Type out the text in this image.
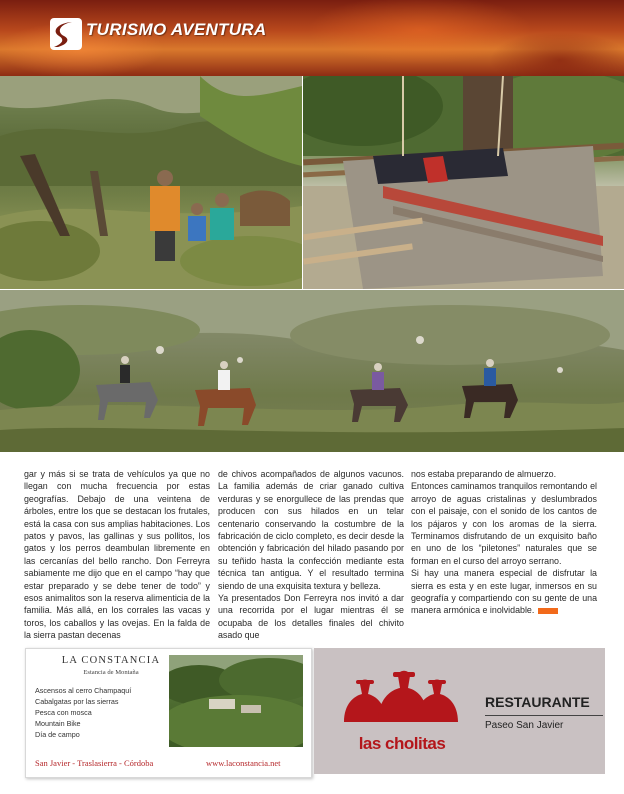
TURISMO AVENTURA

gar y más si se trata de vehículos ya que no llegan con mucha frecuencia por estas geografías. Debajo de una veintena de árboles, entre los que se destacan los frutales, está la casa con sus amplias habitaciones. Los patos y pavos, las gallinas y sus pollitos, los gatos y los perros deambulan libremente en las cercanías del bello rancho. Don Ferreyra sabiamente me dijo que en el campo “hay que estar preparado y se debe tener de todo” y esos animalitos son la reserva alimenticia de la familia. Más allá, en los corrales las vacas y toros, los caballos y las ovejas. En la falda de la sierra pastan decenas

de chivos acompañados de algunos vacunos. La familia además de criar ganado cultiva verduras y se enorgullece de las prendas que producen con sus hilados en un telar centenario conservando la costumbre de la fabricación de ciclo completo, es decir desde la obtención y fabricación del hilado pasando por su teñido hasta la confección mediante esta técnica tan antigua. Y el resultado termina siendo de una exquisita textura y belleza.
Ya presentados Don Ferreyra nos invitó a dar una recorrida por el lugar mientras él se ocupaba de los detalles finales del chivito asado que

nos estaba preparando de almuerzo.
Entonces caminamos tranquilos remontando el arroyo de aguas cristalinas y deslumbrados con el paisaje, con el sonido de los cantos de los pájaros y con los aromas de la sierra. Terminamos disfrutando de un exquisito baño en uno de los “piletones” naturales que se forman en el curso del arroyo serrano.
Si hay una manera especial de disfrutar la sierra es esta y en este lugar, inmersos en su geografía y compartiendo con su gente de una manera armónica e inolvidable.

LA CONSTANCIA
Estancia de Montaña
Ascensos al cerro Champaquí
Cabalgatas por las sierras
Pesca con mosca
Mountain Bike
Día de campo
San Javier - Traslasierra - Córdoba	www.laconstancia.net
las cholitas
RESTAURANTE
Paseo San Javier
